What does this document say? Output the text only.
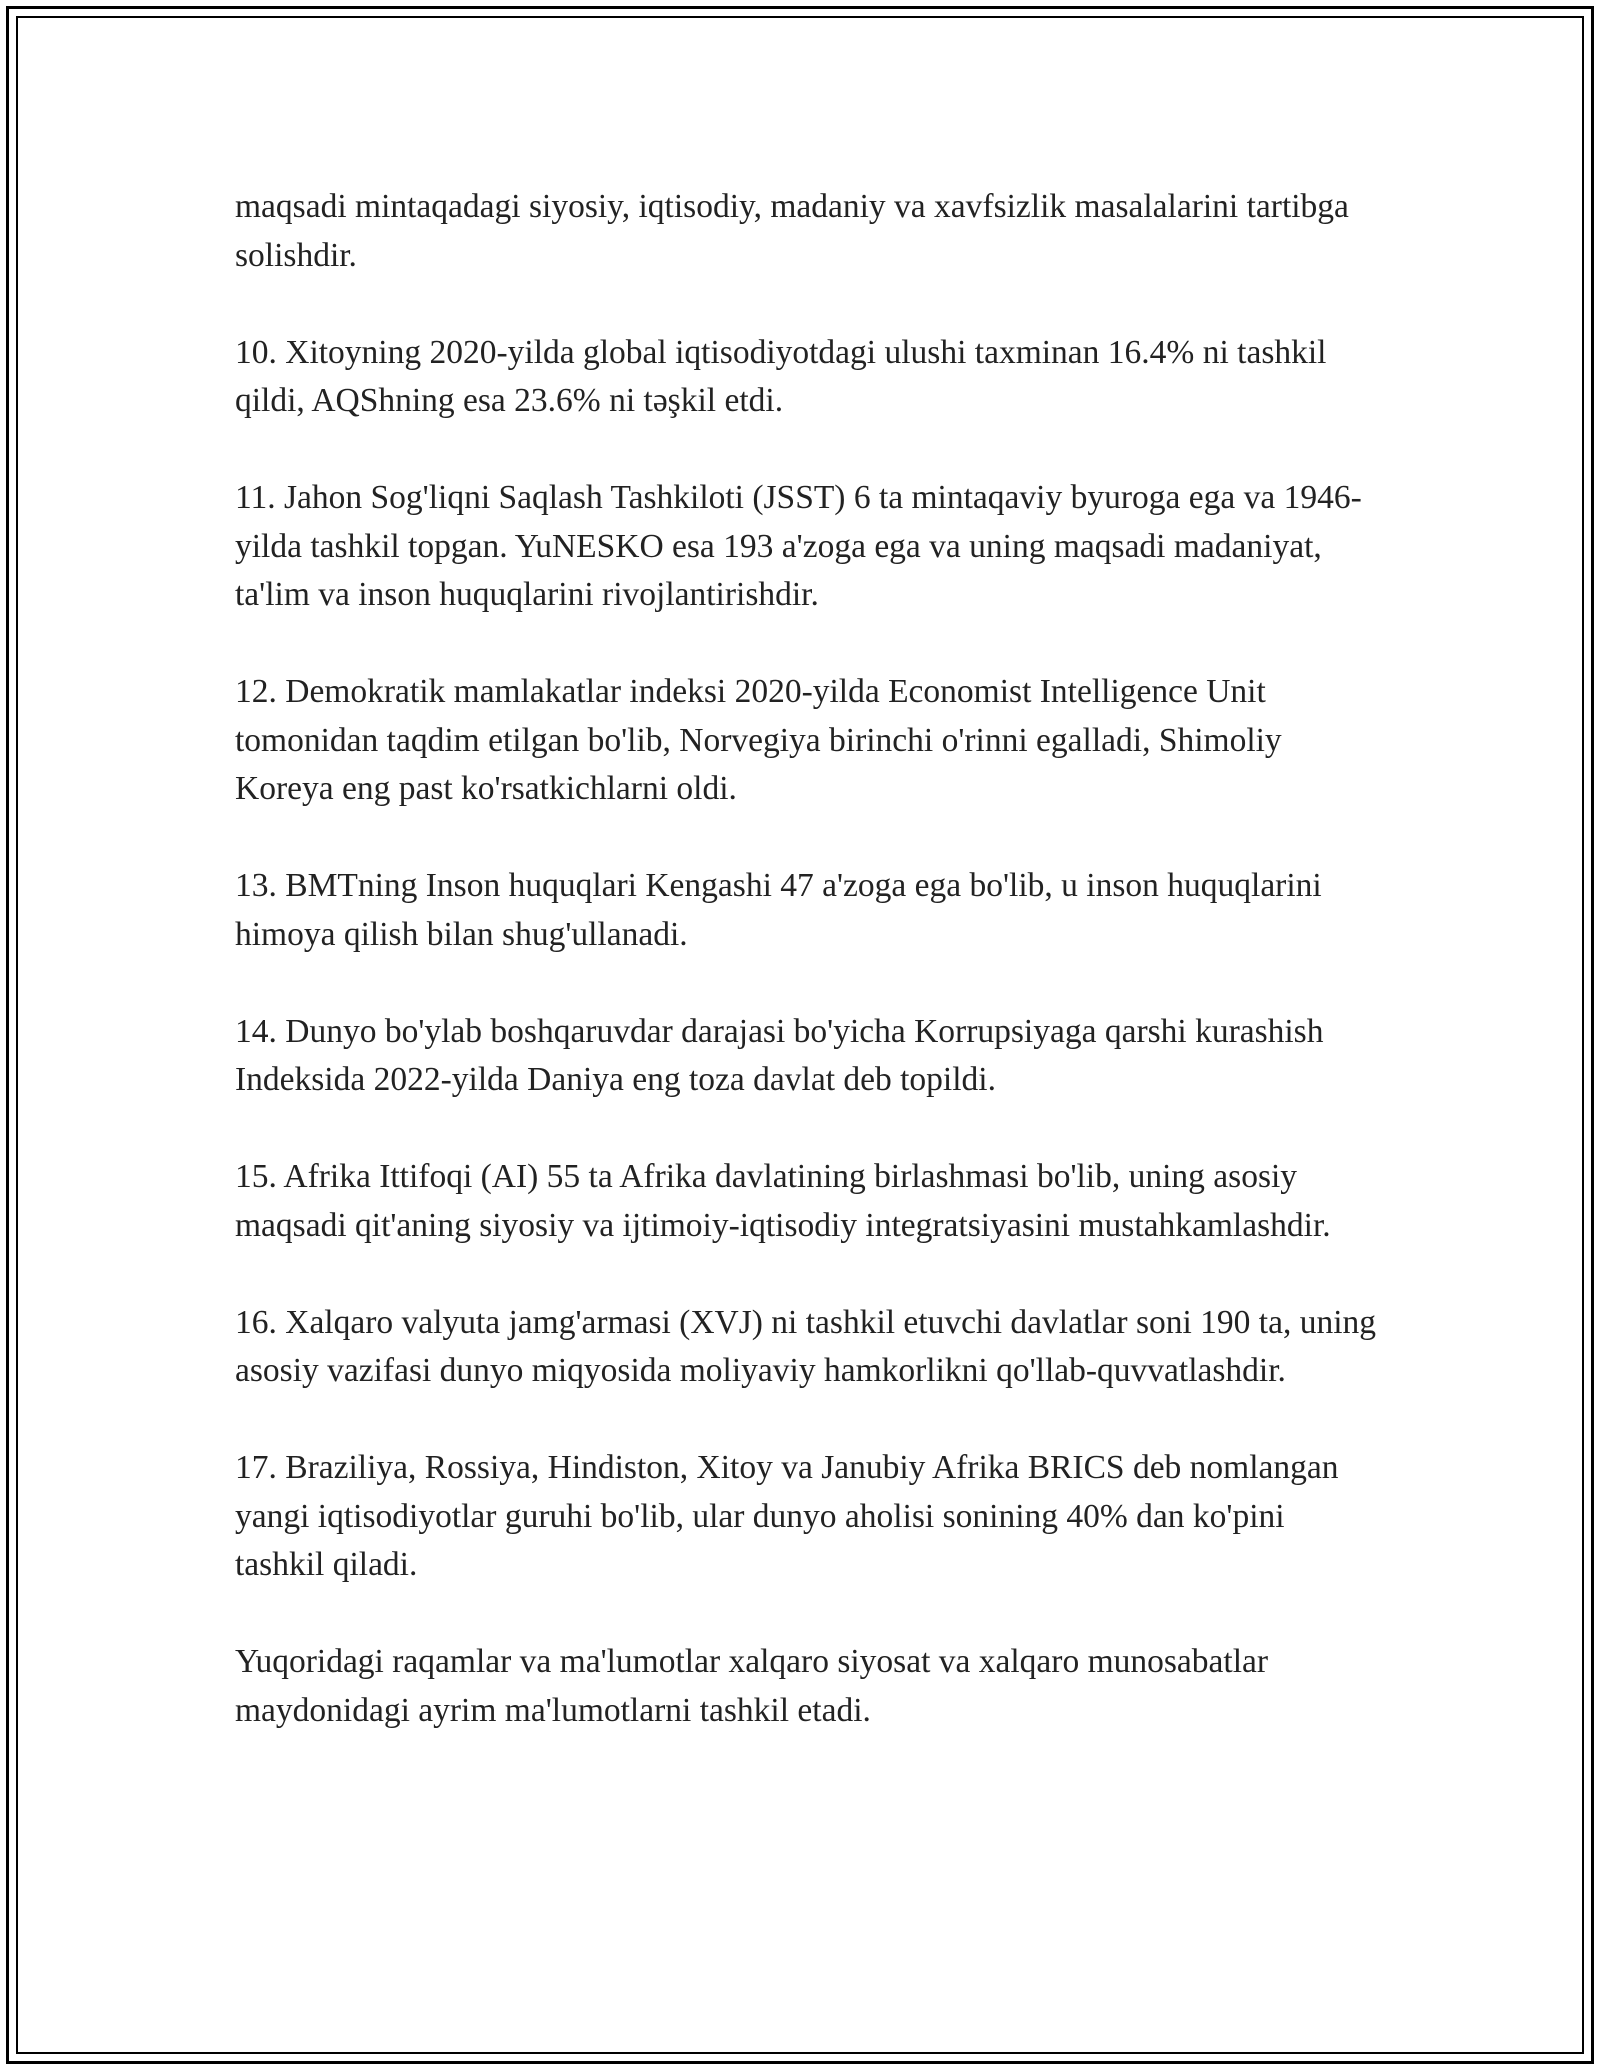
maqsadi mintaqadagi siyosiy, iqtisodiy, madaniy va xavfsizlik masalalarini tartibga solishdir.

10. Xitoyning 2020-yilda global iqtisodiyotdagi ulushi taxminan 16.4% ni tashkil qildi, AQShning esa 23.6% ni təşkil etdi.

11. Jahon Sog'liqni Saqlash Tashkiloti (JSST) 6 ta mintaqaviy byuroga ega va 1946-yilda tashkil topgan. YuNESKO esa 193 a'zoga ega va uning maqsadi madaniyat, ta'lim va inson huquqlarini rivojlantirishdir.

12. Demokratik mamlakatlar indeksi 2020-yilda Economist Intelligence Unit tomonidan taqdim etilgan bo'lib, Norvegiya birinchi o'rinni egalladi, Shimoliy Koreya eng past ko'rsatkichlarni oldi.

13. BMTning Inson huquqlari Kengashi 47 a'zoga ega bo'lib, u inson huquqlarini himoya qilish bilan shug'ullanadi.

14. Dunyo bo'ylab boshqaruvdar darajasi bo'yicha Korrupsiyaga qarshi kurashish Indeksida 2022-yilda Daniya eng toza davlat deb topildi.

15. Afrika Ittifoqi (AI) 55 ta Afrika davlatining birlashmasi bo'lib, uning asosiy maqsadi qit'aning siyosiy va ijtimoiy-iqtisodiy integratsiyasini mustahkamlashdir.

16. Xalqaro valyuta jamg'armasi (XVJ) ni tashkil etuvchi davlatlar soni 190 ta, uning asosiy vazifasi dunyo miqyosida moliyaviy hamkorlikni qo'llab-quvvatlashdir.

17. Braziliya, Rossiya, Hindiston, Xitoy va Janubiy Afrika BRICS deb nomlangan yangi iqtisodiyotlar guruhi bo'lib, ular dunyo aholisi sonining 40% dan ko'pini tashkil qiladi.

Yuqoridagi raqamlar va ma'lumotlar xalqaro siyosat va xalqaro munosabatlar maydonidagi ayrim ma'lumotlarni tashkil etadi.
